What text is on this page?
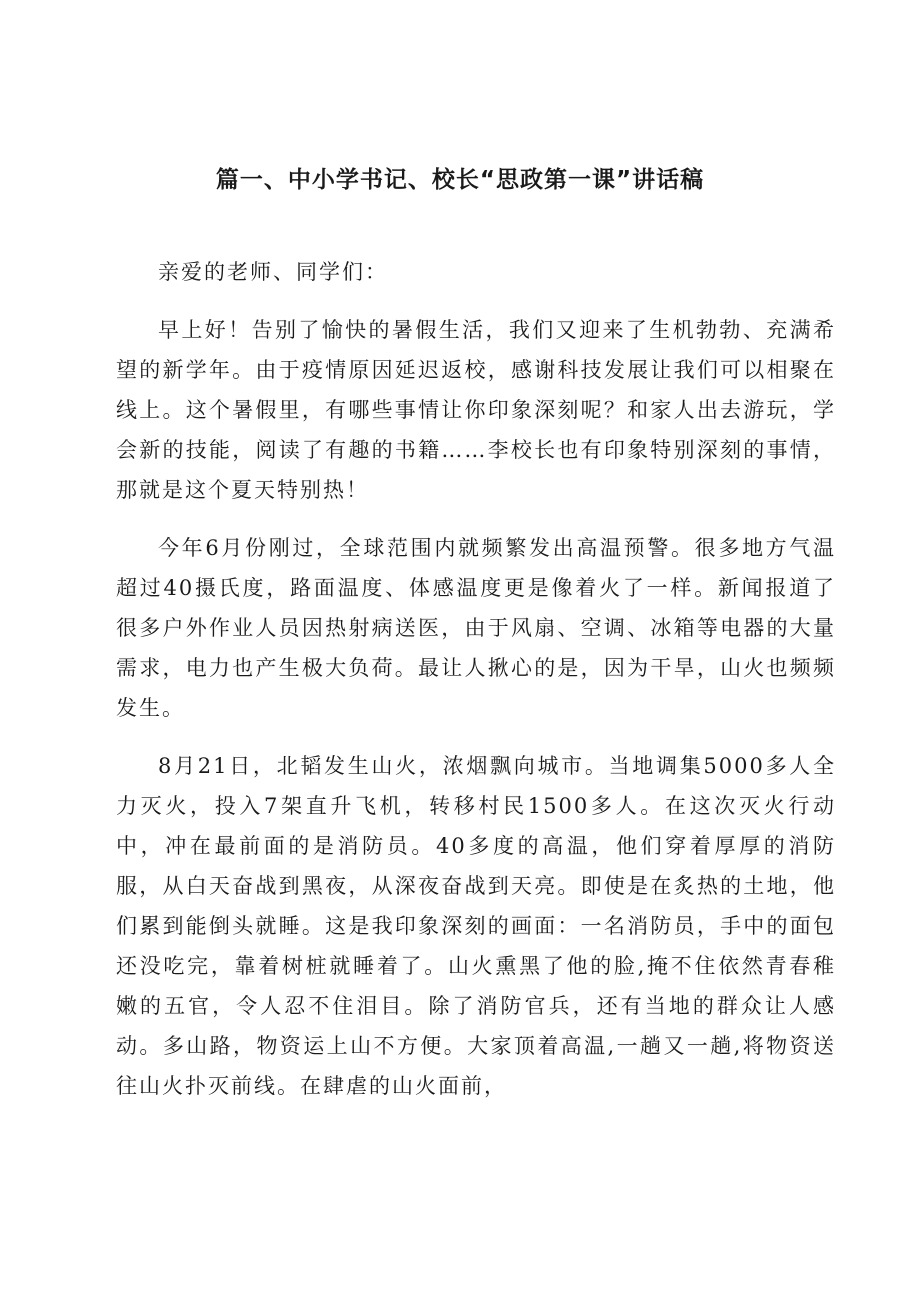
篇一、中小学书记、校长“思政第一课”讲话稿

亲爱的老师、同学们：

早上好！告别了愉快的暑假生活，我们又迎来了生机勃勃、充满希望的新学年。由于疫情原因延迟返校，感谢科技发展让我们可以相聚在线上。这个暑假里，有哪些事情让你印象深刻呢？和家人出去游玩，学会新的技能，阅读了有趣的书籍……李校长也有印象特别深刻的事情，那就是这个夏天特别热！

今年6月份刚过，全球范围内就频繁发出高温预警。很多地方气温超过40摄氏度，路面温度、体感温度更是像着火了一样。新闻报道了很多户外作业人员因热射病送医，由于风扇、空调、冰箱等电器的大量需求，电力也产生极大负荷。最让人揪心的是，因为干旱，山火也频频发生。

8月21日，北韬发生山火，浓烟飘向城市。当地调集5000多人全力灭火，投入7架直升飞机，转移村民1500多人。在这次灭火行动中，冲在最前面的是消防员。40多度的高温，他们穿着厚厚的消防服，从白天奋战到黑夜，从深夜奋战到天亮。即使是在炙热的土地，他们累到能倒头就睡。这是我印象深刻的画面：一名消防员，手中的面包还没吃完，靠着树桩就睡着了。山火熏黑了他的脸,掩不住依然青春稚嫩的五官，令人忍不住泪目。除了消防官兵，还有当地的群众让人感动。多山路，物资运上山不方便。大家顶着高温,一趟又一趟,将物资送往山火扑灭前线。在肆虐的山火面前，
